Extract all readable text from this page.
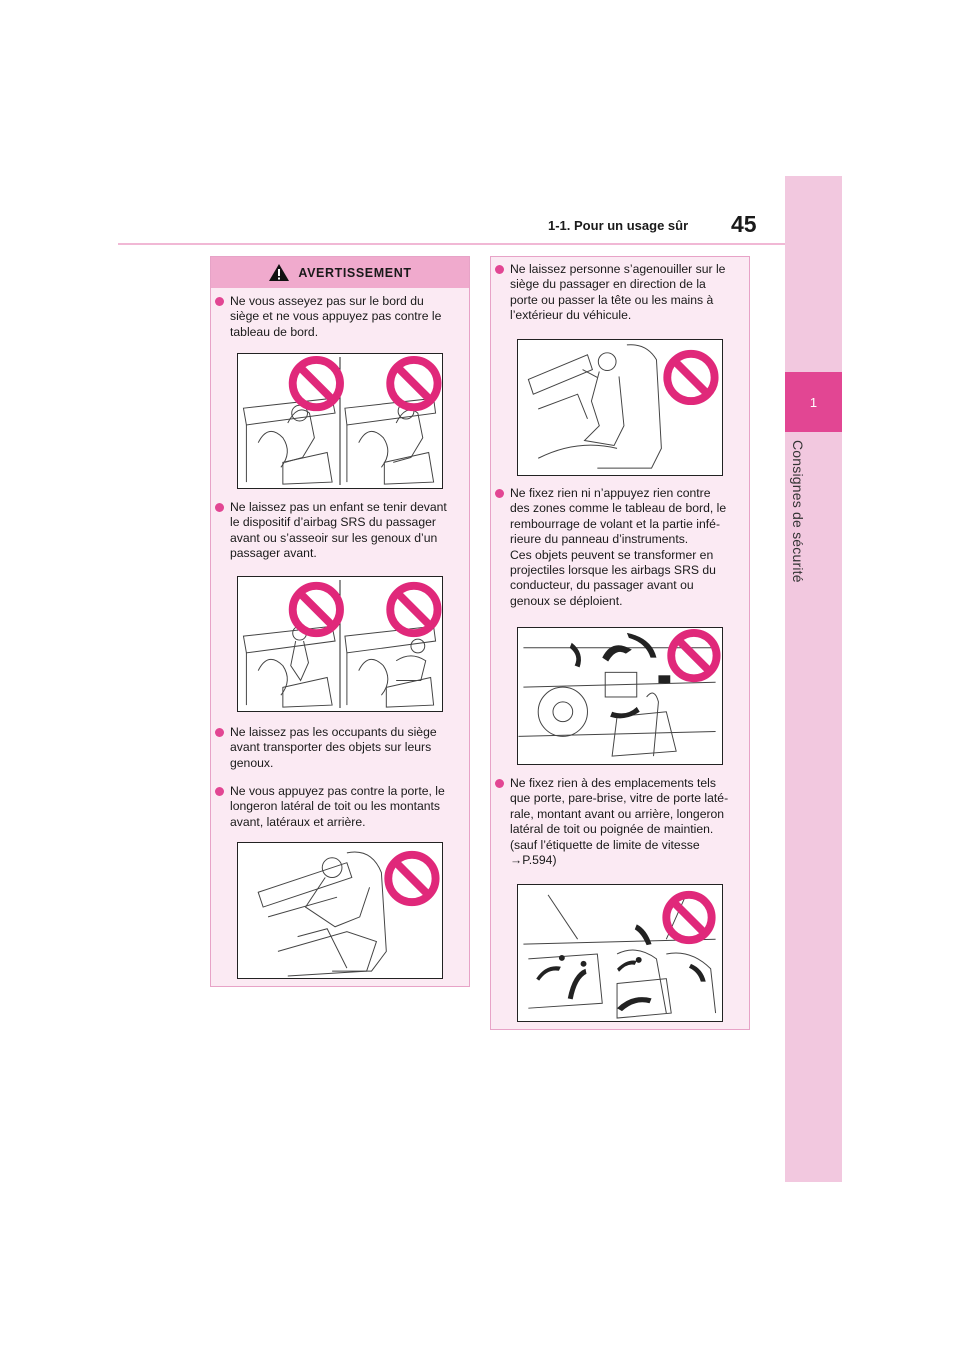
1
Consignes de sécurité
1-1. Pour un usage sûr 45
AVERTISSEMENT
Ne vous asseyez pas sur le bord du
siège et ne vous appuyez pas contre le
tableau de bord.
Ne laissez pas un enfant se tenir devant
le dispositif d’airbag SRS du passager
avant ou s’asseoir sur les genoux d’un
passager avant.
Ne laissez pas les occupants du siège
avant transporter des objets sur leurs
genoux.
Ne vous appuyez pas contre la porte, le
longeron latéral de toit ou les montants
avant, latéraux et arrière.
Ne laissez personne s’agenouiller sur le
siège du passager en direction de la
porte ou passer la tête ou les mains à
l’extérieur du véhicule.
Ne fixez rien ni n’appuyez rien contre
des zones comme le tableau de bord, le
rembourrage de volant et la partie infé-
rieure du panneau d’instruments.
Ces objets peuvent se transformer en
projectiles lorsque les airbags SRS du
conducteur, du passager avant ou
genoux se déploient.
Ne fixez rien à des emplacements tels
que porte, pare-brise, vitre de porte laté-
rale, montant avant ou arrière, longeron
latéral de toit ou poignée de maintien.
(sauf l’étiquette de limite de vitesse
→P.594)
